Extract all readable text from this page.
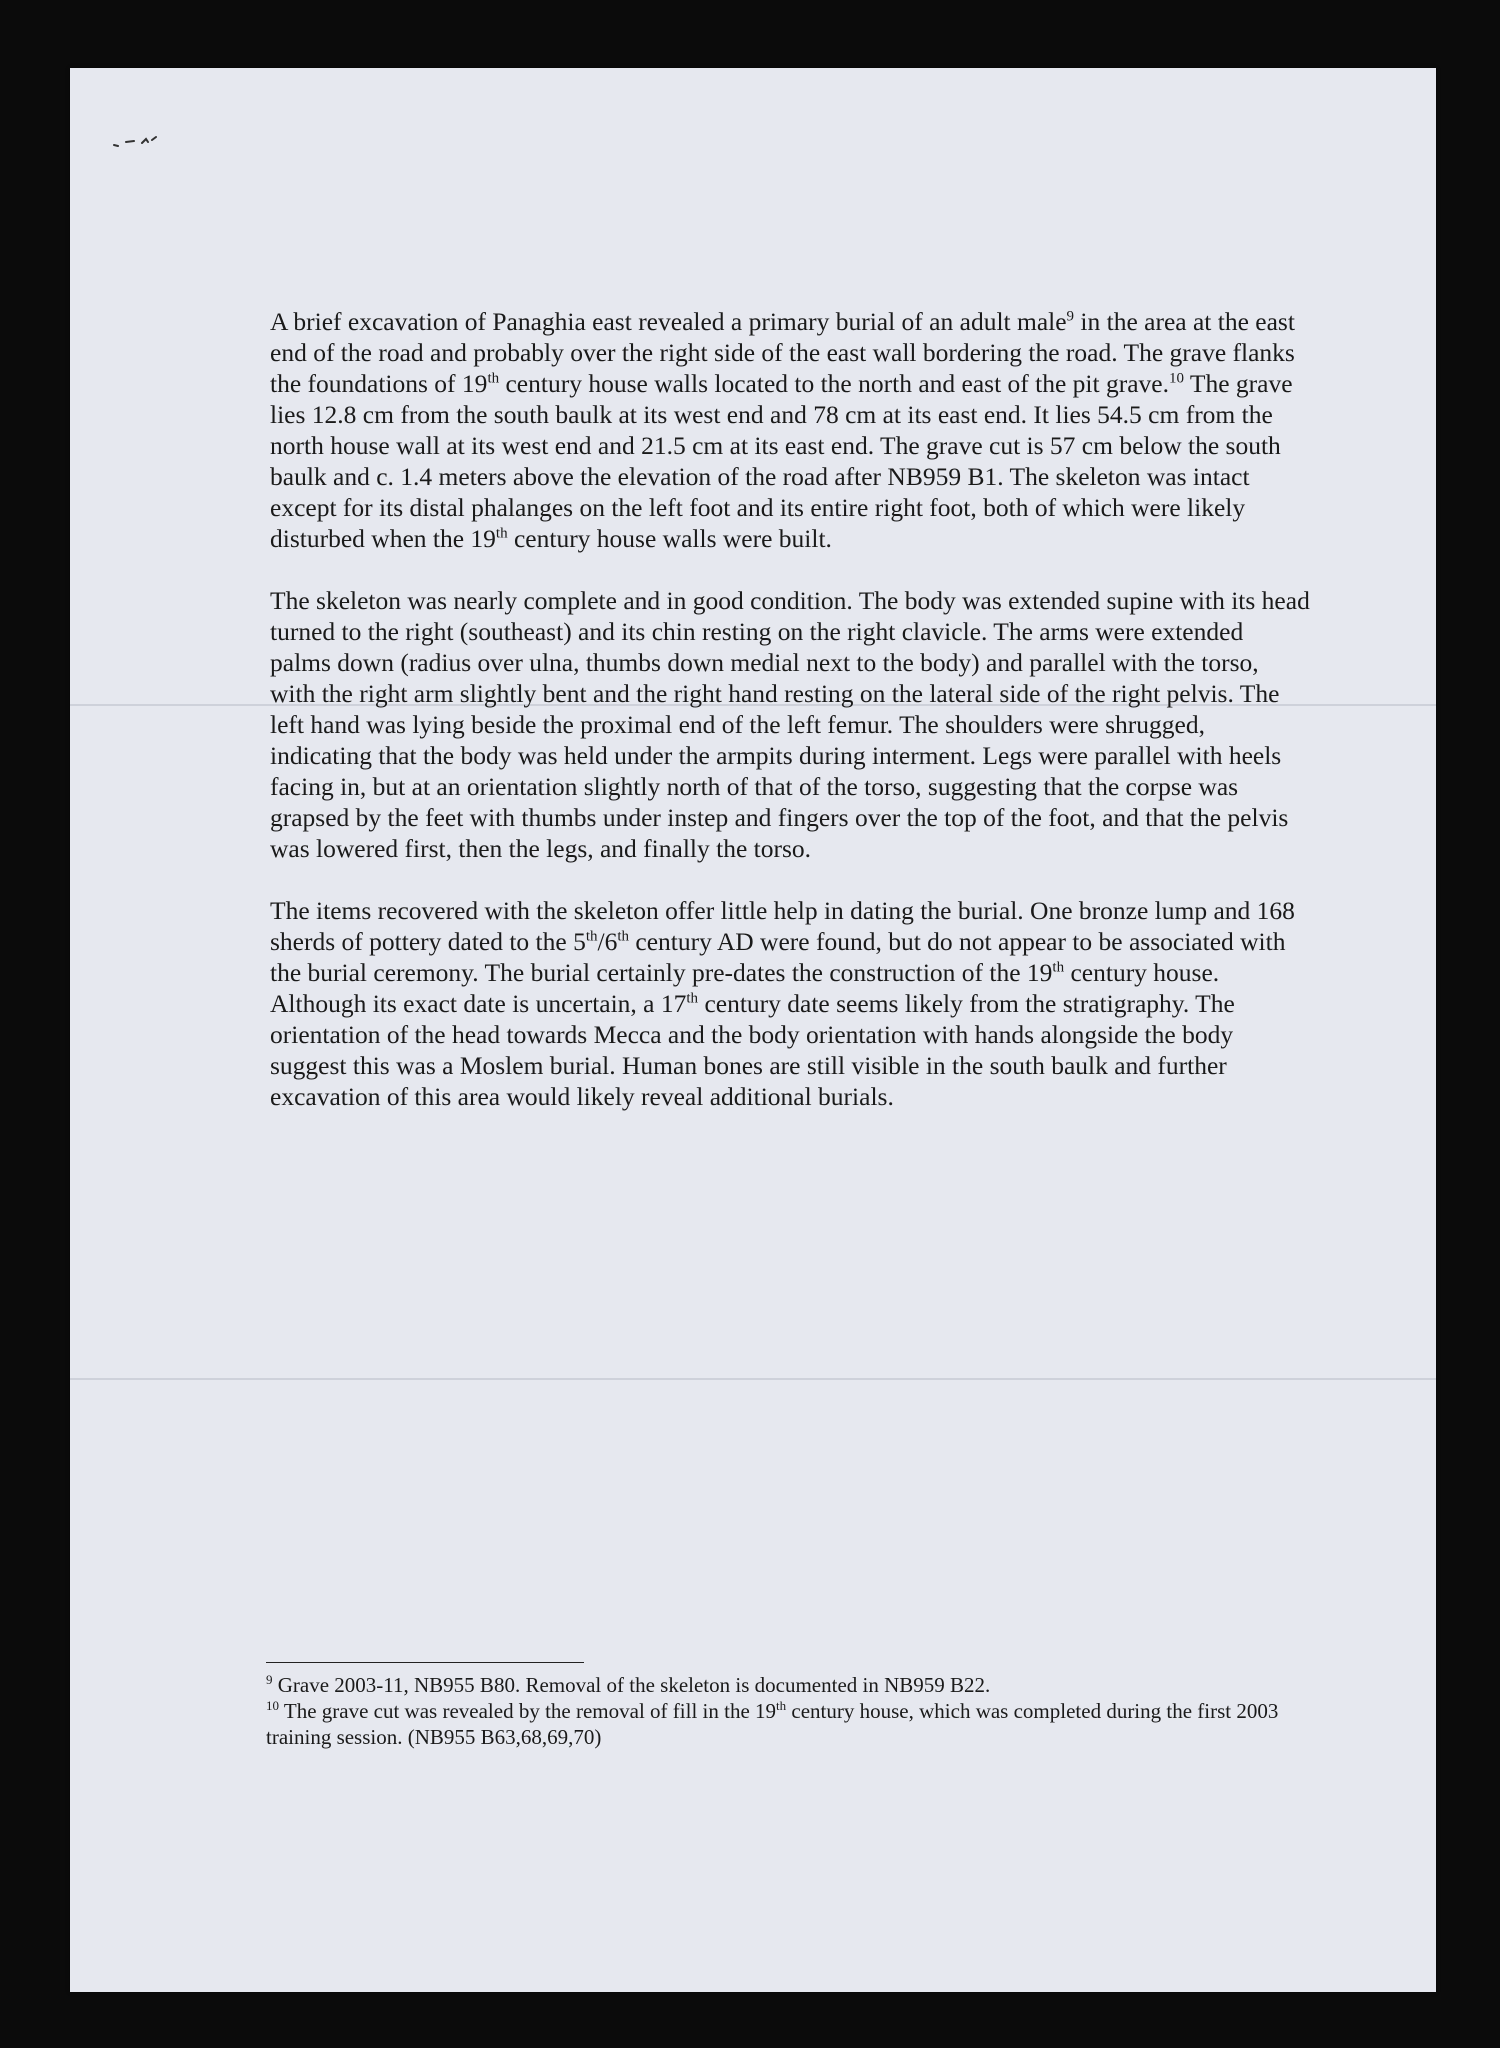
A brief excavation of Panaghia east revealed a primary burial of an adult male$^9$ in the area at the east end of the road and probably over the right side of the east wall bordering the road. The grave flanks the foundations of 19th century house walls located to the north and east of the pit grave.$^{10}$ The grave lies 12.8 cm from the south baulk at its west end and 78 cm at its east end. It lies 54.5 cm from the north house wall at its west end and 21.5 cm at its east end. The grave cut is 57 cm below the south baulk and c. 1.4 meters above the elevation of the road after NB959 B1. The skeleton was intact except for its distal phalanges on the left foot and its entire right foot, both of which were likely disturbed when the 19th century house walls were built.

The skeleton was nearly complete and in good condition. The body was extended supine with its head turned to the right (southeast) and its chin resting on the right clavicle. The arms were extended palms down (radius over ulna, thumbs down medial next to the body) and parallel with the torso, with the right arm slightly bent and the right hand resting on the lateral side of the right pelvis. The left hand was lying beside the proximal end of the left femur. The shoulders were shrugged, indicating that the body was held under the armpits during interment. Legs were parallel with heels facing in, but at an orientation slightly north of that of the torso, suggesting that the corpse was grapsed by the feet with thumbs under instep and fingers over the top of the foot, and that the pelvis was lowered first, then the legs, and finally the torso.

The items recovered with the skeleton offer little help in dating the burial. One bronze lump and 168 sherds of pottery dated to the 5th/6th century AD were found, but do not appear to be associated with the burial ceremony. The burial certainly pre-dates the construction of the 19th century house. Although its exact date is uncertain, a 17th century date seems likely from the stratigraphy. The orientation of the head towards Mecca and the body orientation with hands alongside the body suggest this was a Moslem burial. Human bones are still visible in the south baulk and further excavation of this area would likely reveal additional burials.

$^9$ Grave 2003-11, NB955 B80. Removal of the skeleton is documented in NB959 B22.

$^{10}$ The grave cut was revealed by the removal of fill in the 19th century house, which was completed during the first 2003 training session. (NB955 B63,68,69,70)
